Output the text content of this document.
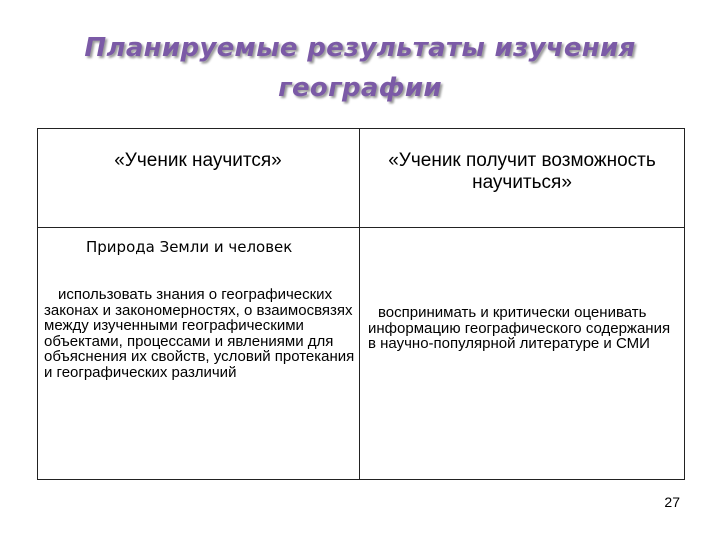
Планируемые результаты изучения
географии
«Ученик научится»	«Ученик получит возможность научиться»
Природа Земли и человек
использовать знания о географических законах и закономерностях, о взаимосвязях между изученными географическими объектами, процессами и явлениями для объяснения их свойств, условий протекания и географических различий
воспринимать и критически оценивать информацию географического содержания в научно-популярной литературе и СМИ
27
